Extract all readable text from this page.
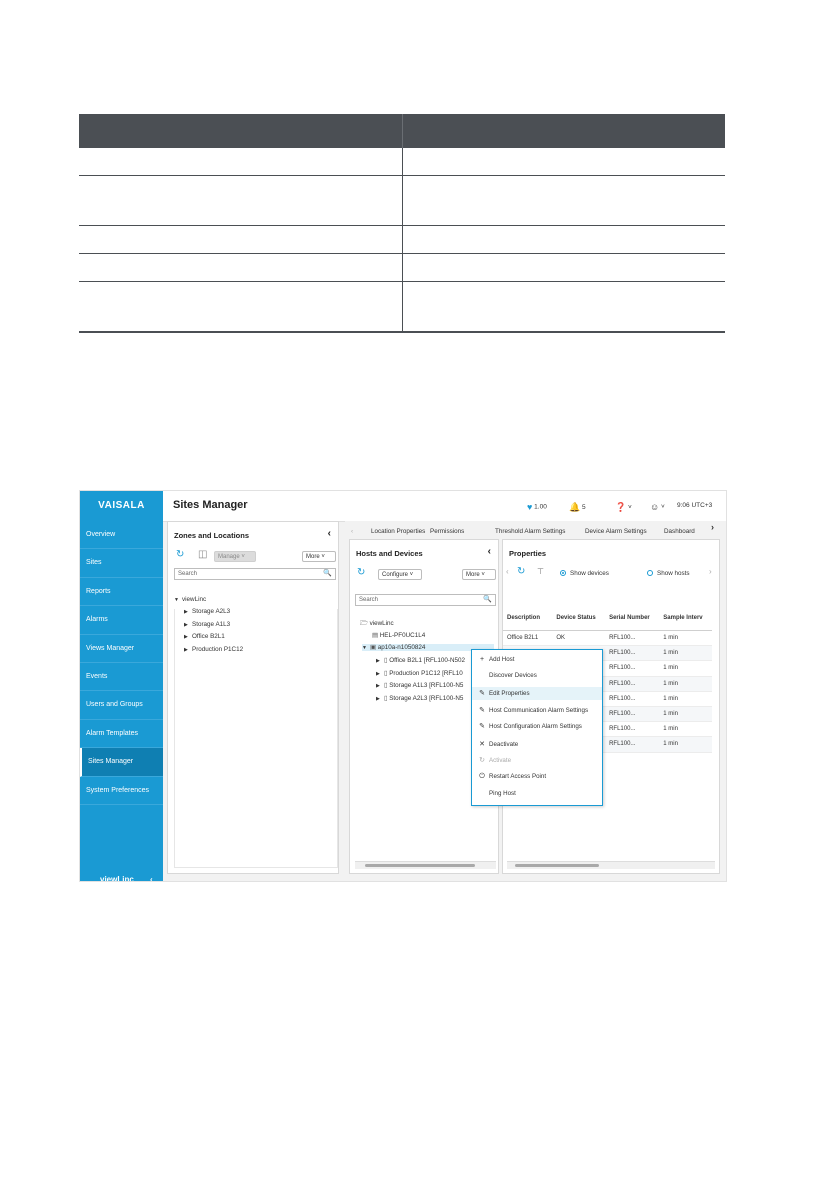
VAISALA
Overview
Sites
Reports
Alarms
Views Manager
Events
Users and Groups
Alarm Templates
Sites Manager
System Preferences
viewLinc ‹
Sites Manager	♥ 1.00 🔔 5	❓ ˅ ☺ ˅ 9:06 UTC+3
Zones and Locations	‹
↻ ◫	Manage ˅	More ˅
Search	🔍
▼ viewLinc
▶ Storage A2L3
▶ Storage A1L3
▶ Office B2L1
▶ Production P1C12
‹	Location Properties Permissions	Threshold Alarm Settings	Device Alarm Settings	Dashboard ›
Hosts and Devices	‹
↻	Configure ˅	More ˅
Search	🔍
🗁 viewLinc
▤ HEL-PF0UC1L4
▼ ▣ ap10a-n1050824
▶ ▯ Office B2L1 [RFL100-N502
▶ ▯ Production P1C12 [RFL10
▶ ▯ Storage A1L3 [RFL100-N5
▶ ▯ Storage A2L3 [RFL100-N5
Properties
‹ ↻ ⊤	Show devices	Show hosts ›
Description	Device Status	Serial Number	Sample Interv
Office B2L1	OK	RFL100...	1 min
		RFL100...	1 min
		RFL100...	1 min
		RFL100...	1 min
		RFL100...	1 min
		RFL100...	1 min
		RFL100...	1 min
		RFL100...	1 min
+ Add Host
Discover Devices
✎ Edit Properties
✎ Host Communication Alarm Settings
✎ Host Configuration Alarm Settings
✕ Deactivate
↻ Activate
⏻ Restart Access Point
Ping Host
